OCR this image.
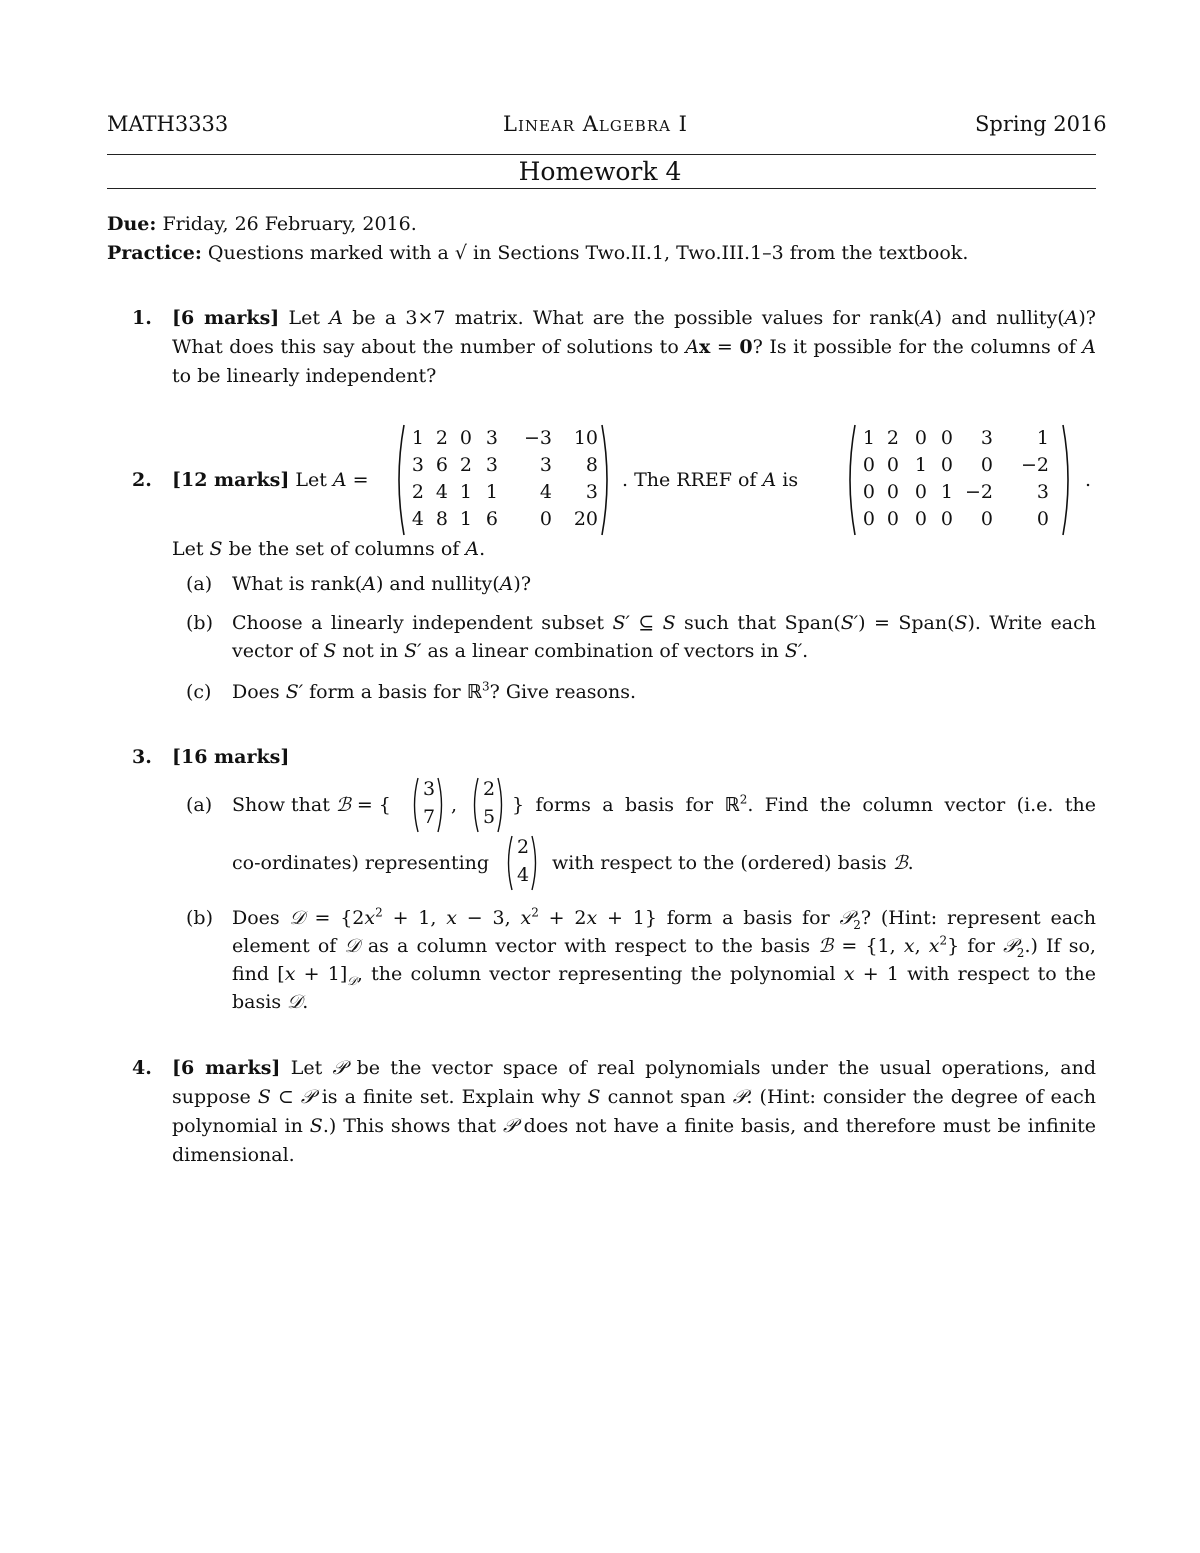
MATH3333	Linear Algebra I	Spring 2016
Homework 4
Due: Friday, 26 February, 2016.
Practice: Questions marked with a √ in Sections Two.II.1, Two.III.1–3 from the textbook.
1. [6 marks] Let A be a 3×7 matrix. What are the possible values for rank(A) and nullity(A)? What does this say about the number of solutions to Ax = 0? Is it possible for the columns of A to be linearly independent?
2. [12 marks] Let A =
1 2 0 3 −3	10
3 6 2 3	3	8
2 4 1 1	4	3
4 8 1 6	0	20
. The RREF of A is
1 2 0 0	3	1
0 0 1 0	0 −2
0 0 0 1 −2	3
0 0 0 0	0	0
.
Let S be the set of columns of A.
(a) What is rank(A) and nullity(A)?
(b) Choose a linearly independent subset S′ ⊆ S such that Span(S′) = Span(S). Write each vector of S not in S′ as a linear combination of vectors in S′.
(c) Does S′ form a basis for ℝ$^3$? Give reasons.
3. [16 marks]
(a) Show that ℬ = {
3
7
,
2
5
} forms a basis for ℝ$^2$. Find the column vector (i.e. the
co-ordinates) representing
2
4
with respect to the (ordered) basis ℬ.
(b) Does 𝒟 = {$2x^2 + 1$, x − 3, $x^2 + 2x + 1$} form a basis for 𝒫$_2$? (Hint: represent each element of 𝒟 as a column vector with respect to the basis ℬ = {1, x, $x^2$} for 𝒫$_2$.) If so, find $[x + 1]_𝒟$, the column vector representing the polynomial x + 1 with respect to the basis 𝒟.
4. [6 marks] Let 𝒫 be the vector space of real polynomials under the usual operations, and suppose S ⊂ 𝒫 is a finite set. Explain why S cannot span 𝒫. (Hint: consider the degree of each polynomial in S.) This shows that 𝒫 does not have a finite basis, and therefore must be infinite dimensional.
